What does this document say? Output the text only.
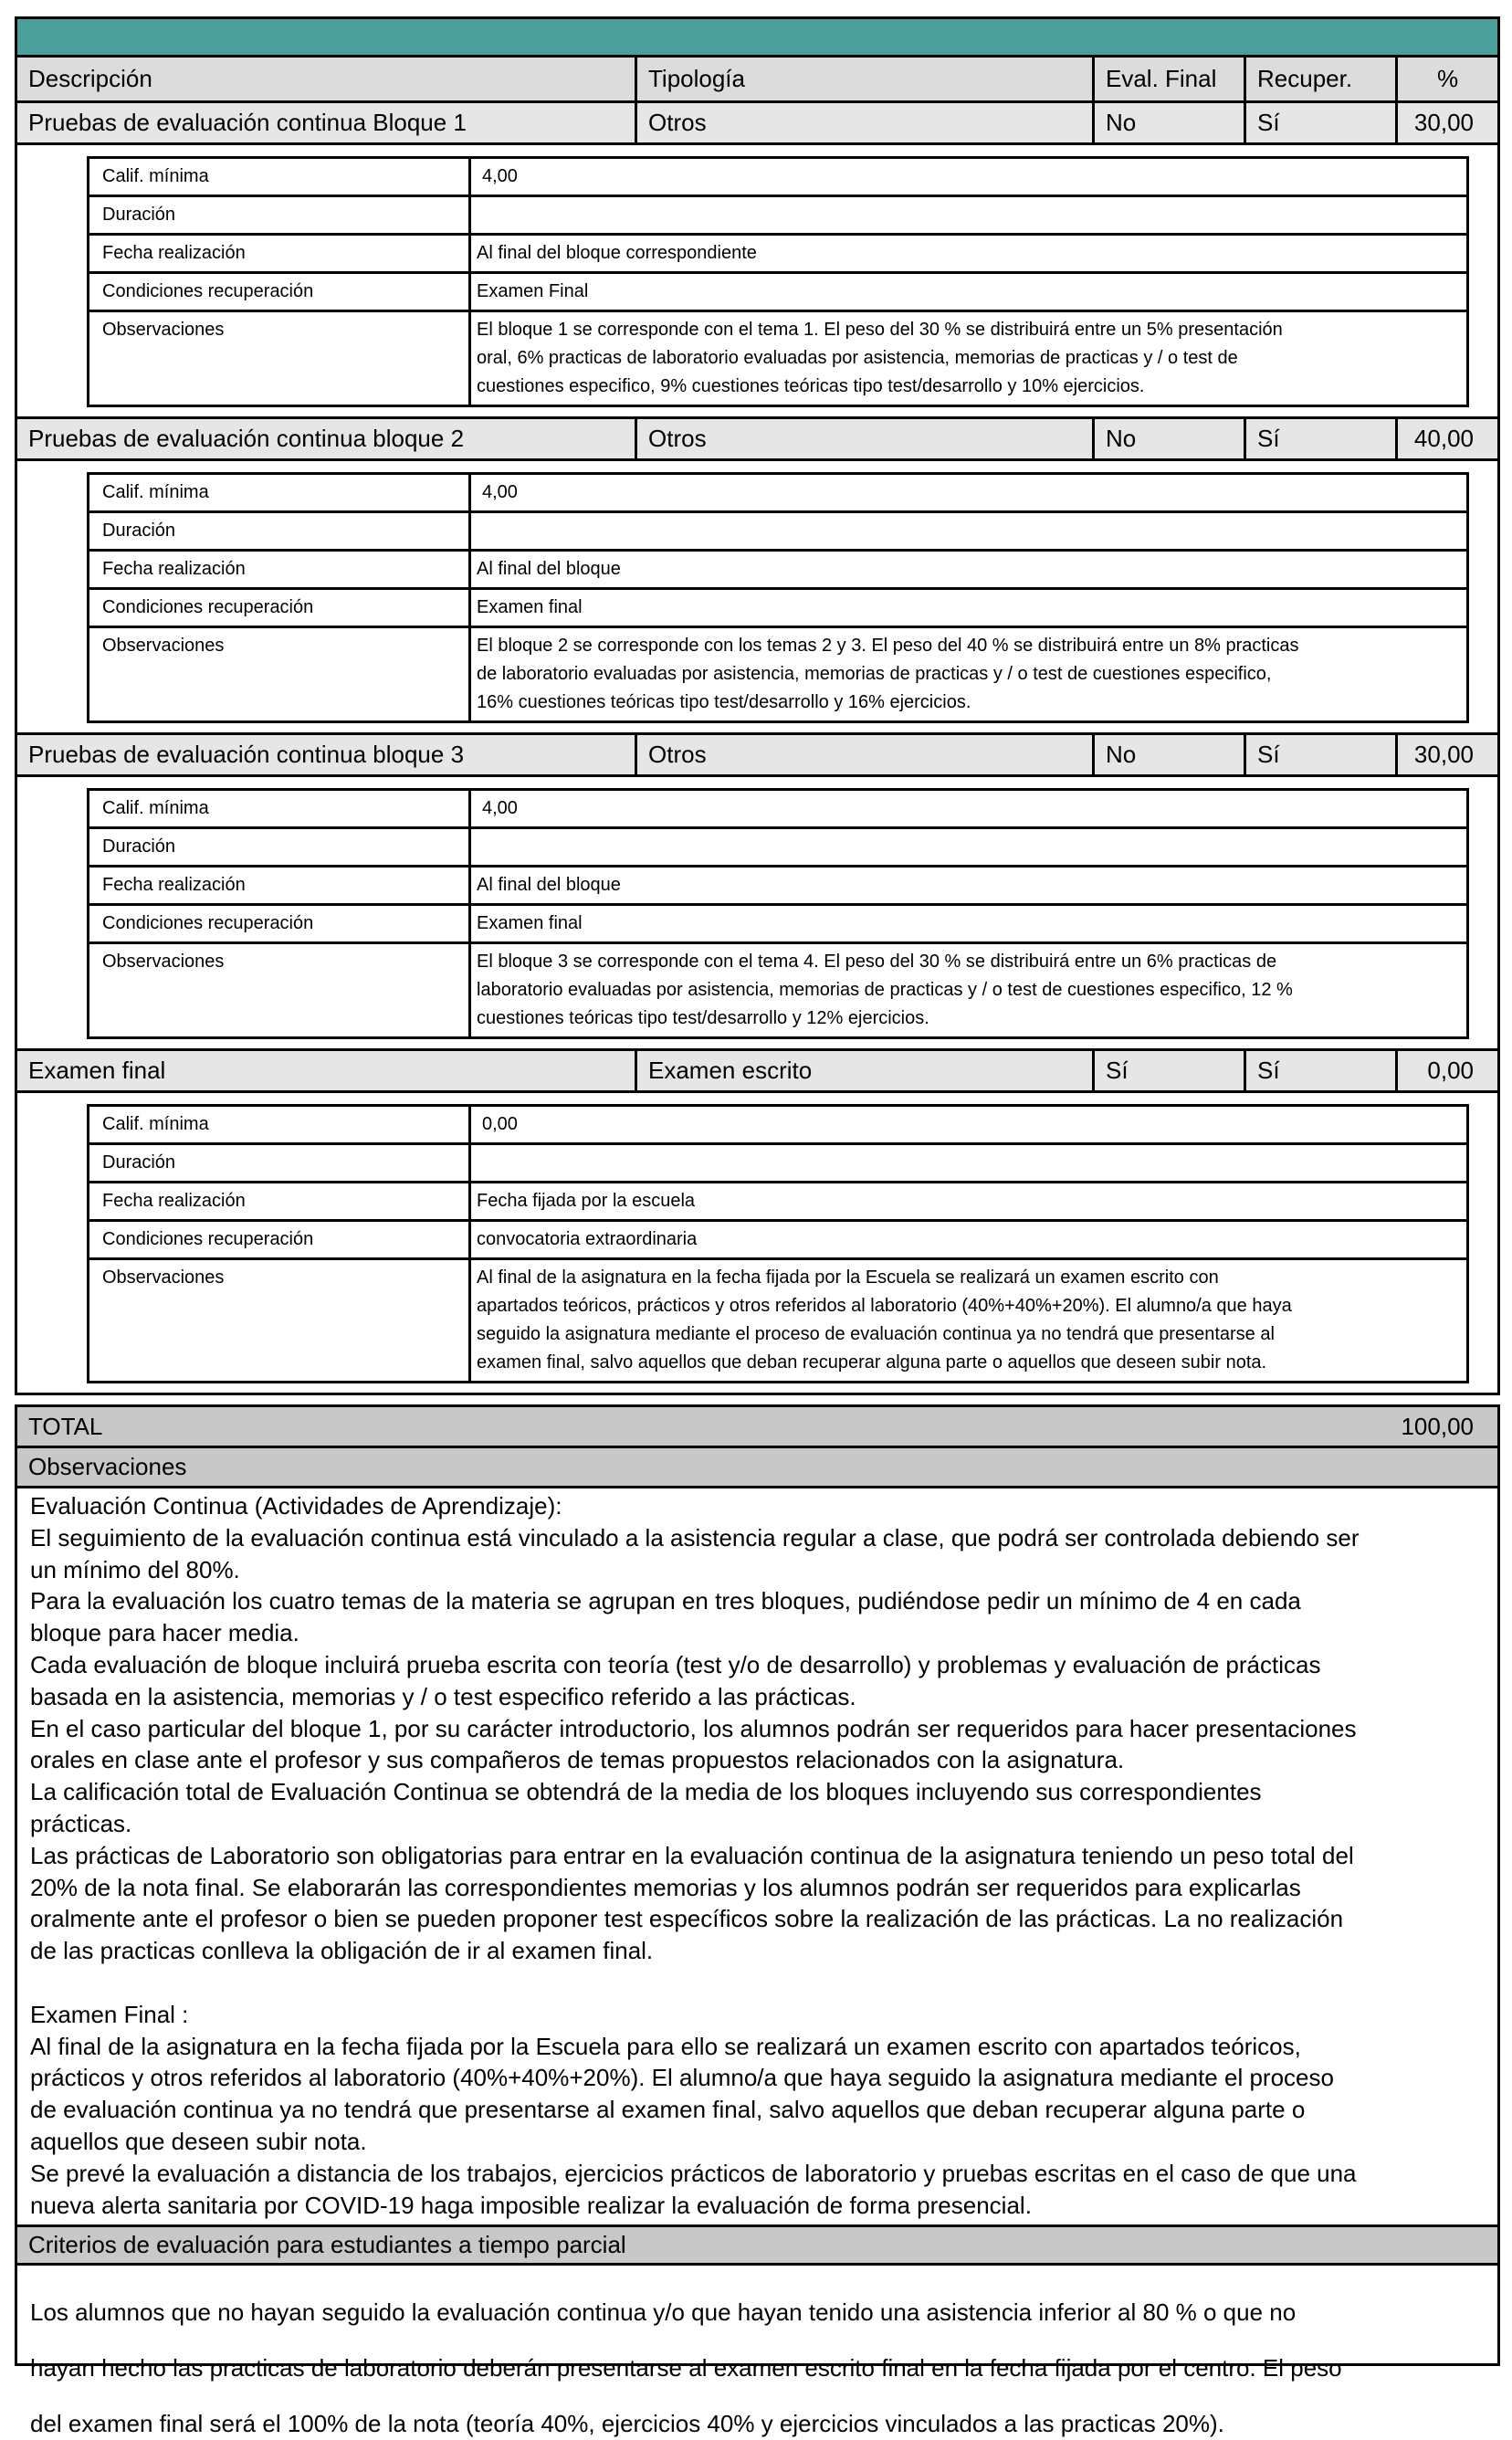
Descripción	Tipología	Eval. Final	Recuper.	%
Pruebas de evaluación continua Bloque 1	Otros	No	Sí	30,00
Calif. mínima	4,00
Duración
Fecha realización	Al final del bloque correspondiente
Condiciones recuperación	Examen Final
Observaciones	El bloque 1 se corresponde con el tema 1. El peso del 30 % se distribuirá entre un 5% presentación
oral, 6% practicas de laboratorio evaluadas por asistencia, memorias de practicas y / o test de
cuestiones especifico, 9% cuestiones teóricas tipo test/desarrollo y 10% ejercicios.
Pruebas de evaluación continua bloque 2	Otros	No	Sí	40,00
Calif. mínima	4,00
Duración
Fecha realización	Al final del bloque
Condiciones recuperación	Examen final
Observaciones	El bloque 2 se corresponde con los temas 2 y 3. El peso del 40 % se distribuirá entre un 8% practicas
de laboratorio evaluadas por asistencia, memorias de practicas y / o test de cuestiones especifico,
16% cuestiones teóricas tipo test/desarrollo y 16% ejercicios.
Pruebas de evaluación continua bloque 3	Otros	No	Sí	30,00
Calif. mínima	4,00
Duración
Fecha realización	Al final del bloque
Condiciones recuperación	Examen final
Observaciones	El bloque 3 se corresponde con el tema 4. El peso del 30 % se distribuirá entre un 6% practicas de
laboratorio evaluadas por asistencia, memorias de practicas y / o test de cuestiones especifico, 12 %
cuestiones teóricas tipo test/desarrollo y 12% ejercicios.
Examen final	Examen escrito	Sí	Sí	0,00
Calif. mínima	0,00
Duración
Fecha realización	Fecha fijada por la escuela
Condiciones recuperación	convocatoria extraordinaria
Observaciones	Al final de la asignatura en la fecha fijada por la Escuela se realizará un examen escrito con
apartados teóricos, prácticos y otros referidos al laboratorio (40%+40%+20%). El alumno/a que haya
seguido la asignatura mediante el proceso de evaluación continua ya no tendrá que presentarse al
examen final, salvo aquellos que deban recuperar alguna parte o aquellos que deseen subir nota.
TOTAL	100,00
Observaciones

Evaluación Continua (Actividades de Aprendizaje):

El seguimiento de la evaluación continua está vinculado a la asistencia regular a clase, que podrá ser controlada debiendo ser

un mínimo del 80%.

Para la evaluación los cuatro temas de la materia se agrupan en tres bloques, pudiéndose pedir un mínimo de 4 en cada

bloque para hacer media.

Cada evaluación de bloque incluirá prueba escrita con teoría (test y/o de desarrollo) y problemas y evaluación de prácticas

basada en la asistencia, memorias y / o test especifico referido a las prácticas.

En el caso particular del bloque 1, por su carácter introductorio, los alumnos podrán ser requeridos para hacer presentaciones

orales en clase ante el profesor y sus compañeros de temas propuestos relacionados con la asignatura.

La calificación total de Evaluación Continua se obtendrá de la media de los bloques incluyendo sus correspondientes

prácticas.

Las prácticas de Laboratorio son obligatorias para entrar en la evaluación continua de la asignatura teniendo un peso total del

20% de la nota final. Se elaborarán las correspondientes memorias y los alumnos podrán ser requeridos para explicarlas

oralmente ante el profesor o bien se pueden proponer test específicos sobre la realización de las prácticas. La no realización

de las practicas conlleva la obligación de ir al examen final.

Examen Final :

Al final de la asignatura en la fecha fijada por la Escuela para ello se realizará un examen escrito con apartados teóricos,

prácticos y otros referidos al laboratorio (40%+40%+20%). El alumno/a que haya seguido la asignatura mediante el proceso

de evaluación continua ya no tendrá que presentarse al examen final, salvo aquellos que deban recuperar alguna parte o

aquellos que deseen subir nota.

Se prevé la evaluación a distancia de los trabajos, ejercicios prácticos de laboratorio y pruebas escritas en el caso de que una

nueva alerta sanitaria por COVID-19 haga imposible realizar la evaluación de forma presencial.

Criterios de evaluación para estudiantes a tiempo parcial

Los alumnos que no hayan seguido la evaluación continua y/o que hayan tenido una asistencia inferior al 80 % o que no

hayan hecho las practicas de laboratorio deberán presentarse al examen escrito final en la fecha fijada por el centro. El peso

del examen final será el 100% de la nota (teoría 40%, ejercicios 40% y ejercicios vinculados a las practicas 20%).
